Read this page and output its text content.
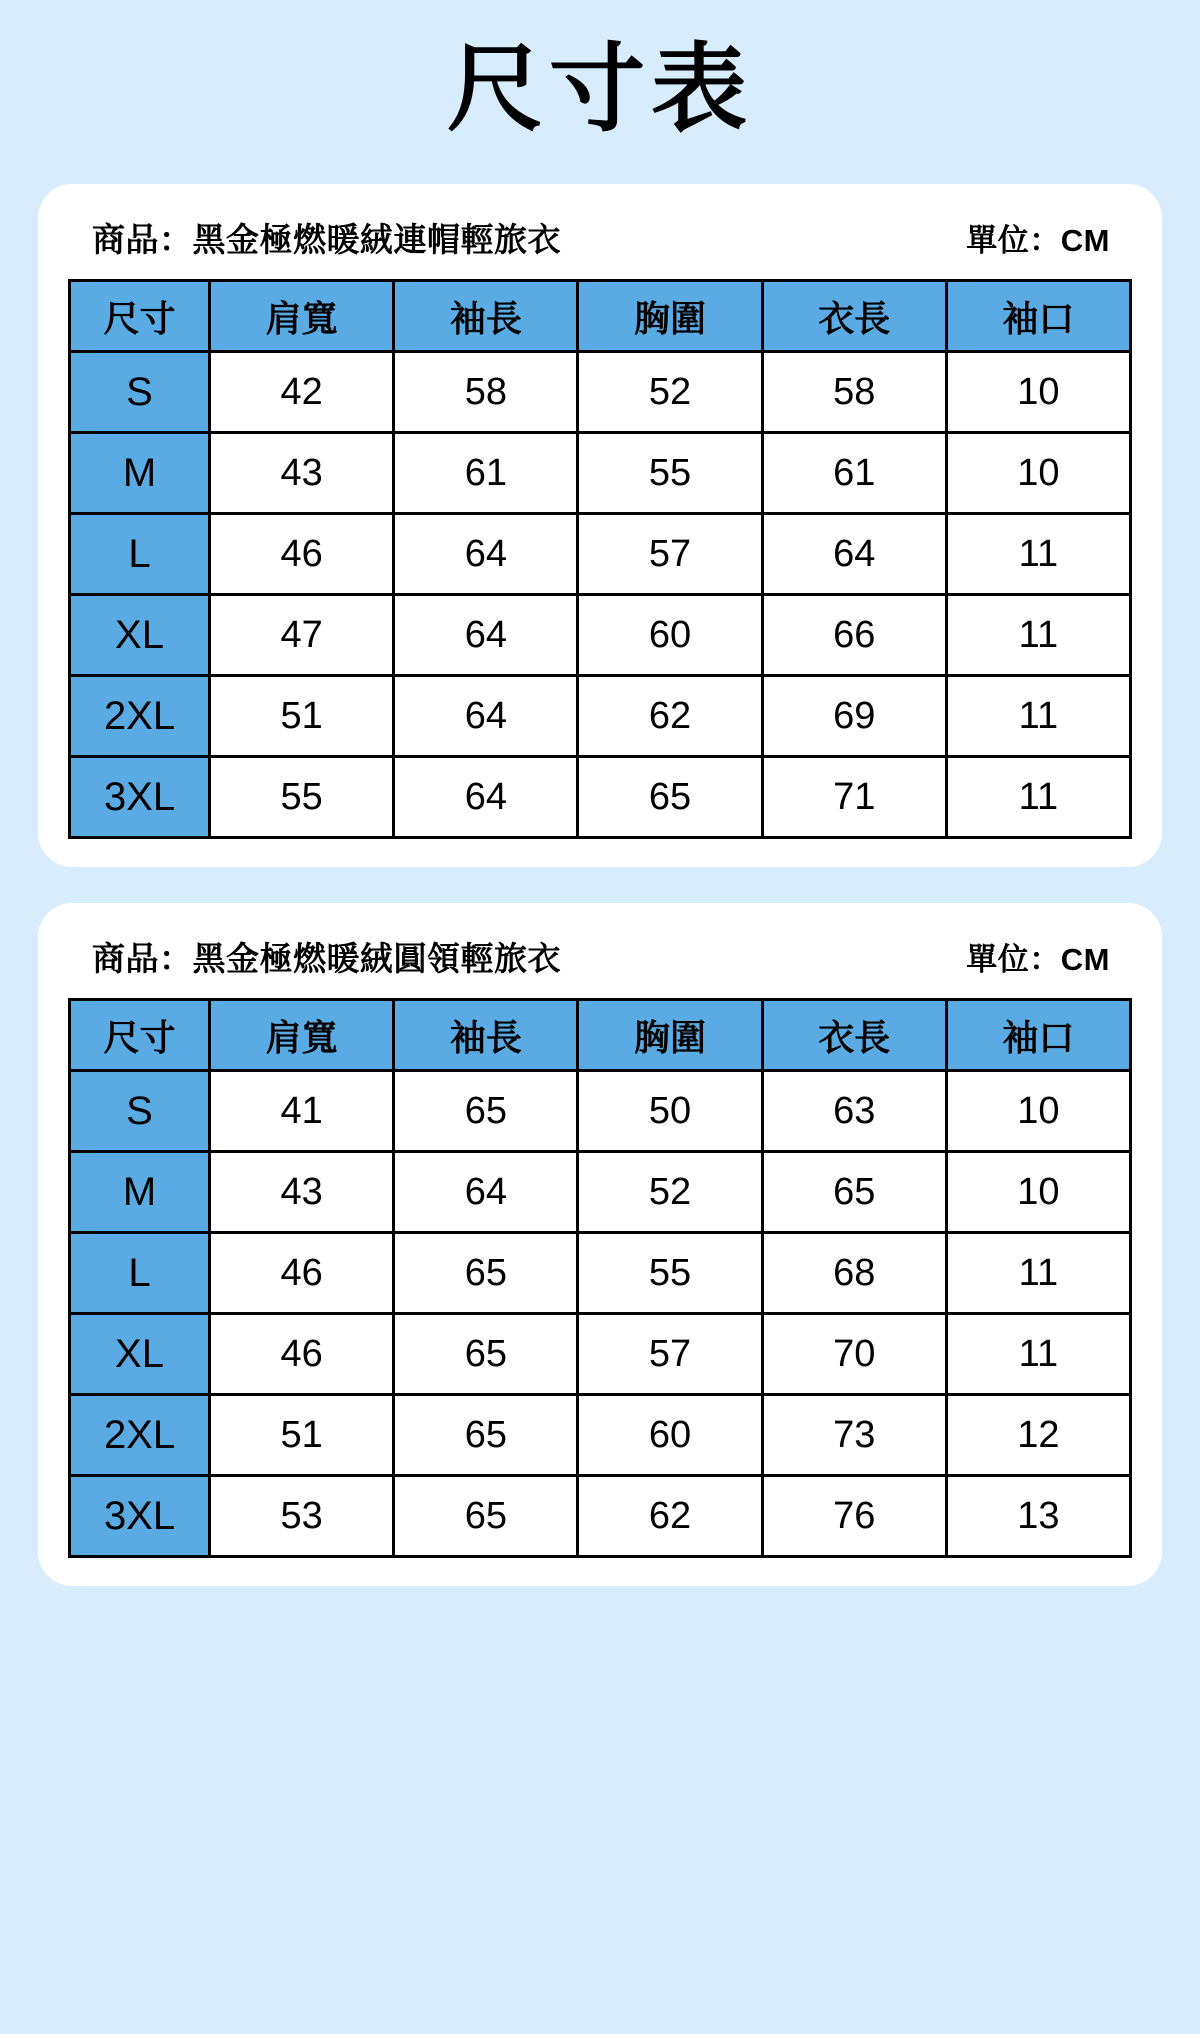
尺寸表
商品：黑金極燃暖絨連帽輕旅衣	單位：CM
尺寸	肩寬	袖長	胸圍	衣長	袖口
S	42	58	52	58	10
M	43	61	55	61	10
L	46	64	57	64	11
XL	47	64	60	66	11
2XL	51	64	62	69	11
3XL	55	64	65	71	11
商品：黑金極燃暖絨圓領輕旅衣	單位：CM
尺寸	肩寬	袖長	胸圍	衣長	袖口
S	41	65	50	63	10
M	43	64	52	65	10
L	46	65	55	68	11
XL	46	65	57	70	11
2XL	51	65	60	73	12
3XL	53	65	62	76	13
